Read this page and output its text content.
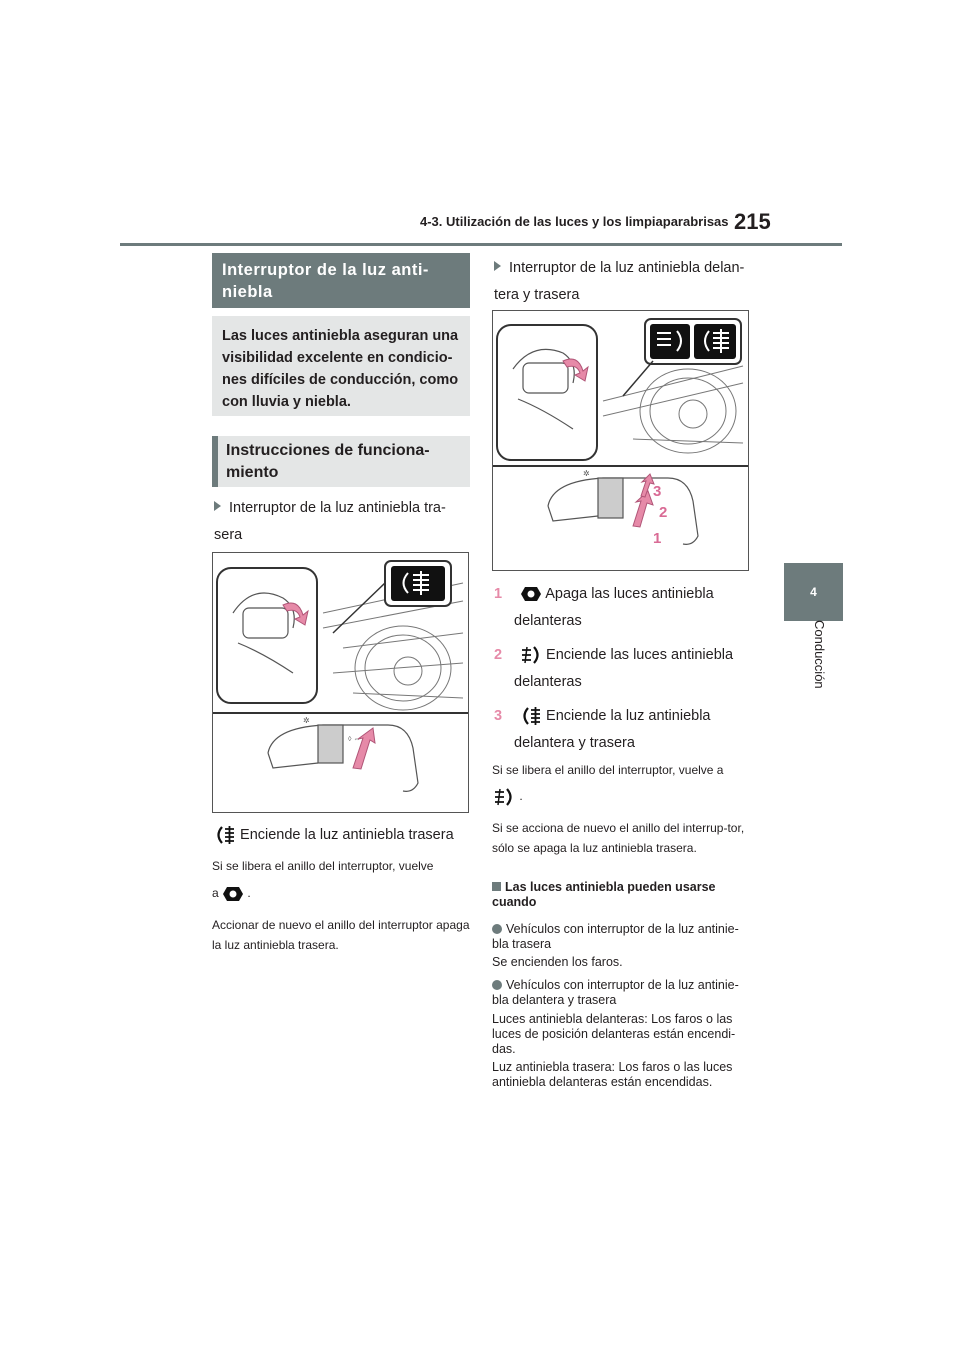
4-3. Utilización de las luces y los limpiaparabrisas 215
4
Conducción
Interruptor de la luz anti-niebla
Las luces antiniebla aseguran una visibilidad excelente en condicio-nes difíciles de conducción, como con lluvia y niebla.
Instrucciones de funciona-miento
Interruptor de la luz antiniebla tra-sera
✲
◊ ⇔
Enciende la luz antiniebla trasera
Si se libera el anillo del interruptor, vuelve
a .
Accionar de nuevo el anillo del interruptor apaga la luz antiniebla trasera.
Interruptor de la luz antiniebla delan-tera y trasera
✲
3
2
1
1	Apaga las luces antiniebla
delanteras
2	Enciende las luces antiniebla
delanteras
3	Enciende la luz antiniebla
delantera y trasera
Si se libera el anillo del interruptor, vuelve a
.
Si se acciona de nuevo el anillo del interrup-tor, sólo se apaga la luz antiniebla trasera.
Las luces antiniebla pueden usarse cuando
Vehículos con interruptor de la luz antinie-bla trasera
Se encienden los faros.
Vehículos con interruptor de la luz antinie-bla delantera y trasera
Luces antiniebla delanteras: Los faros o las luces de posición delanteras están encendi-das.
Luz antiniebla trasera: Los faros o las luces antiniebla delanteras están encendidas.
